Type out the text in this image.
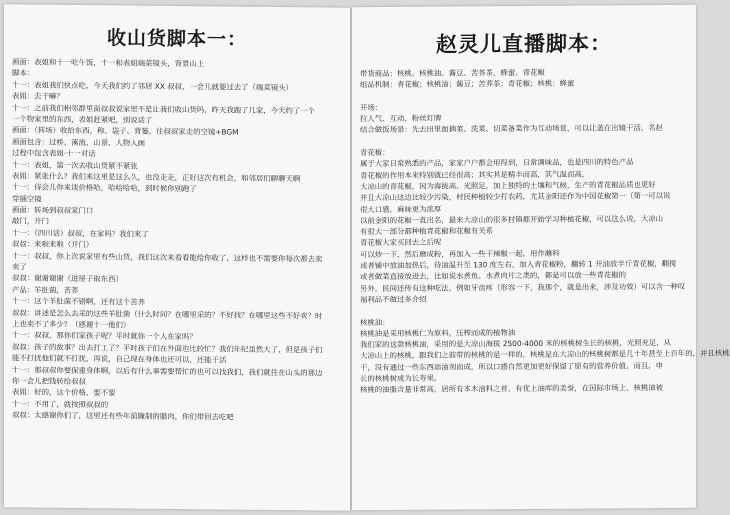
收山货脚本一：
画面：表姐和十一吃午饭，十一和表姐端菜镜头，背景山上
脚本：
十一：表姐我们快点吃，今天我们约了邻居 XX 叔叔，一会儿就要过去了（端菜镜头）
表姐：去干嘛？
十一：之前我们相邻群里面叔叔说家里不是让我们收山货吗，昨天我跑了几家，今天约了一个
一个物家里的东西，表姐赶紧吧，别说话了
画面：（转场）收拾东西，称、袋子、背篓，往叔叔家走的空镜+BGM
画面包含：过桥、溪流、山景、人物入画
过程中包含表姐·十一对话
十一：表姐，第一次去收山货紧不紧张
表姐：紧张什么？我们来这里是这么久，也没走走，正好这次有机会，和邻居们聊聊天啊
十一：待会儿你来谈价格哈，哈哈哈哈，到时候你别跑了
穿插空镜
画面：转场到叔叔家门口
敲门，开门
十一：（四川话）叔叔，在家吗？我们来了
叔叔：来啦来啦（开门）
十一：叔叔，你上次说家里有些山货，我们这次来看看能给你收了，这样也不需要你每次都去卖
卖了
叔叔：谢谢谢谢（进屋子取东西）
产品：羊肚菌，苦荞
十一：这个羊肚菌不错啊，还有这个苦荞
叔叔：讲述是怎么去采的这些羊肚菌（什么时间？在哪里采的？不好找？在哪里这些不好卖？时
上也卖不了多少？（感谢十一他们）
十一：叔叔，那你们家孩子呢？平时就你一个人在家吗？
叔叔：孩子的故事？出去打工了？平时孩子们在外面也比较忙？我们年纪虽然大了，但是孩子们
能不打扰他们就不打扰，再说，自己现在身体也还可以，还能干活
十一：那叔叔你要保重身体啊，以后有什么事需要帮忙的也可以找我们，我们就住在山头的那边
你一会儿把钱转给叔叔
表姐：好的，这个价格，要不要
十一：不用了，就按照叔叔的
叔叔：太感谢你们了，这里还有些年前腌制的腊肉，你们带回去吃吧
赵灵儿直播脚本：
带货商品：核桃、核桃油、酱豆、苦荞茶、蜂蜜、青花椒
组品机制：青花椒；核桃油；酱豆；苦荞茶；青花椒；核桃；蜂蜜
开场：
拉人气、互动、粉丝灯牌
结合做饭场景：先去田里面摘菜、洗菜、切菜备菜作为互动场景，可以让盖在出镜干活，名赵
青花椒：
属于大家日常熟悉的产品，家家户户都会用得到，日常调味品，也是四川的特色产品
青花椒的作用本来特别就已经很高；其实其是精丰而高，其气温而高，
大凉山的青花椒，因为海拔高、光照足，加上独特的土壤和气候，生产的青花椒品质也更好
并且大凉山这边比较少污染，村民种植较少打农药，尤其金阳还作为中国花椒第一（第一可以说
很大口感，麻味更为浓厚
以前金阳的花椒一直出名，最来大凉山的很多村镇都开始学习种植花椒，可以这么说，大凉山
有很大一部分都种植青花椒和花椒有关系
青花椒大家买回去之后呢
可以炒一下，然后磨成粉，再加入一些干辣椒一起，用作蘸料
或者铺中放油加热后，待油温升至 130 度左右，加入青花椒粉，翻转 1 开油放半斤青花椒，翻搅
或者做菜直接放进去，比如说水煮鱼、水煮肉片之类的，都是可以放一些青花椒的
另外，民间还传有这种吃法，例如牙齿疼（形容一下，我那个，就是出来，涉及功效）可以含一种叹
福利品不做过多介绍
核桃油：
核桃油是采用核桃仁为原料，压榨而成的植物油
我们家的这款核桃油，采用的是大凉山海拔 2500-4000 米的核桃树生长的核桃，光照充足，从
大凉山上的核桃，跟我们之前带的核桃的是一样的，核桃是在大凉山的核桃树都是几十年甚至上百年的，并且核桃
干，没有通过一些东西添油剂而成，所以口感自然更加更好保留了原有的营养价值，而且，申
长的核桃树成为长寿果。
核桃的油脂含量非常高，居所有本木油料之首，有优上油库的美誉，在国际市场上，核桃油被
